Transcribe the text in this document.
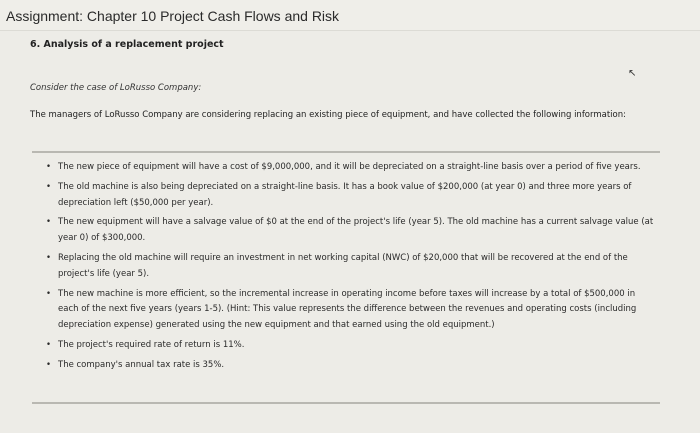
Assignment: Chapter 10 Project Cash Flows and Risk
6. Analysis of a replacement project
↖
Consider the case of LoRusso Company:
The managers of LoRusso Company are considering replacing an existing piece of equipment, and have collected the following information:
• The new piece of equipment will have a cost of $9,000,000, and it will be depreciated on a straight-line basis over a period of five years.
• The old machine is also being depreciated on a straight-line basis. It has a book value of $200,000 (at year 0) and three more years of depreciation left ($50,000 per year).
• The new equipment will have a salvage value of $0 at the end of the project's life (year 5). The old machine has a current salvage value (at year 0) of $300,000.
• Replacing the old machine will require an investment in net working capital (NWC) of $20,000 that will be recovered at the end of the project's life (year 5).
• The new machine is more efficient, so the incremental increase in operating income before taxes will increase by a total of $500,000 in each of the next five years (years 1-5). (Hint: This value represents the difference between the revenues and operating costs (including depreciation expense) generated using the new equipment and that earned using the old equipment.)
• The project's required rate of return is 11%.
• The company's annual tax rate is 35%.
